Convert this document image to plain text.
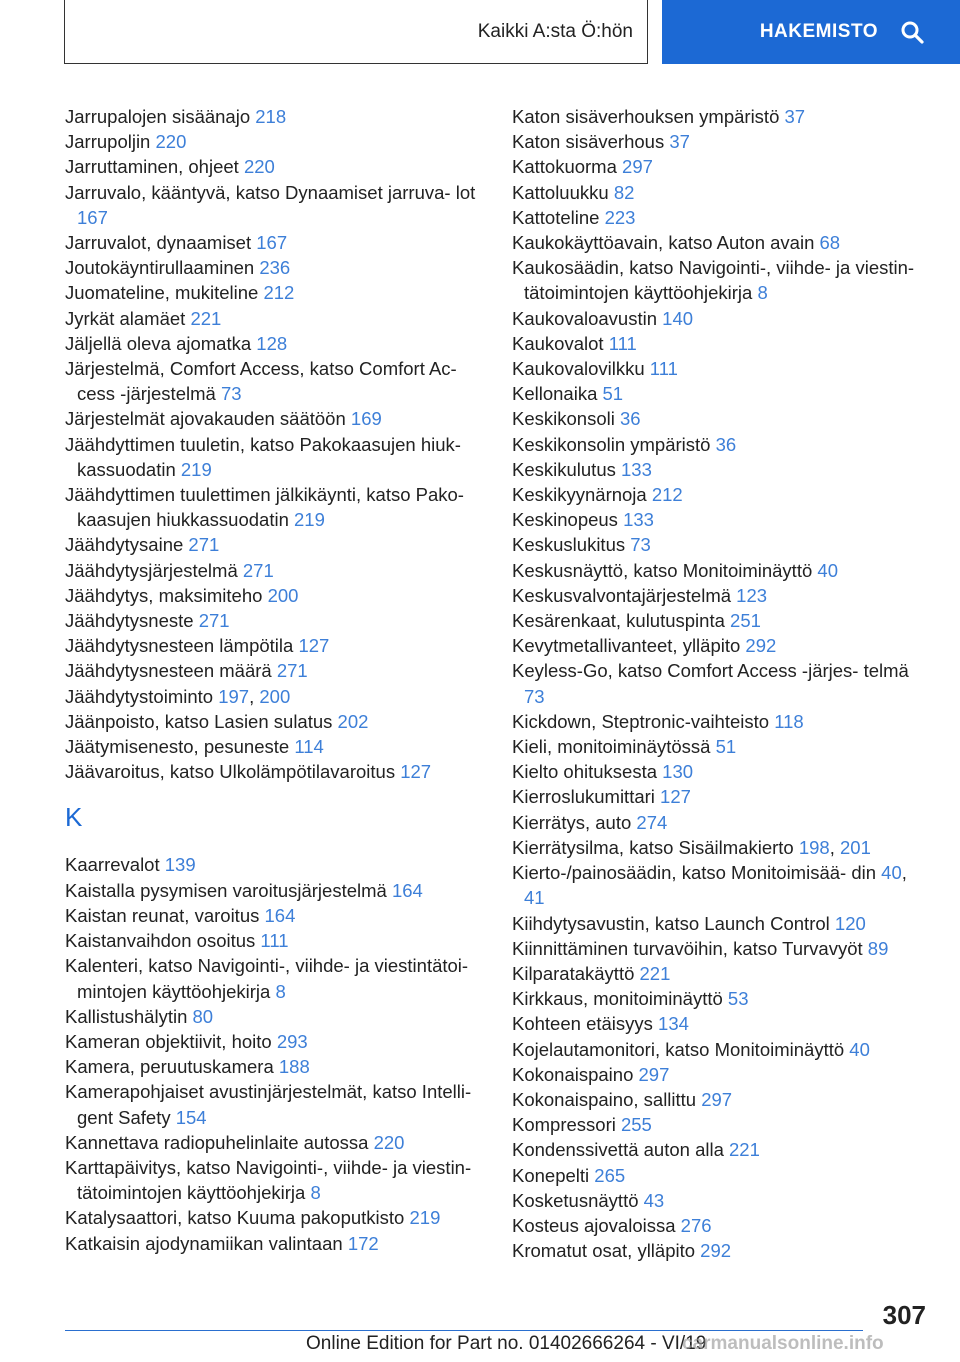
Kaikki A:sta Ö:hön	HAKEMISTO
Jarrupalojen sisäänajo 218
Jarrupoljin 220
Jarruttaminen, ohjeet 220
Jarruvalo, kääntyvä, katso Dynaamiset jarruva‐ lot 167
Jarruvalot, dynaamiset 167
Joutokäyntirullaaminen 236
Juomateline, mukiteline 212
Jyrkät alamäet 221
Jäljellä oleva ajomatka 128
Järjestelmä, Comfort Access, katso Comfort Ac‐ cess -järjestelmä 73
Järjestelmät ajovakauden säätöön 169
Jäähdyttimen tuuletin, katso Pakokaasujen hiuk‐ kassuodatin 219
Jäähdyttimen tuulettimen jälkikäynti, katso Pako‐ kaasujen hiukkassuodatin 219
Jäähdytysaine 271
Jäähdytysjärjestelmä 271
Jäähdytys, maksimiteho 200
Jäähdytysneste 271
Jäähdytysnesteen lämpötila 127
Jäähdytysnesteen määrä 271
Jäähdytystoiminto 197, 200
Jäänpoisto, katso Lasien sulatus 202
Jäätymisenesto, pesuneste 114
Jäävaroitus, katso Ulkolämpötilavaroitus 127
K
Kaarrevalot 139
Kaistalla pysymisen varoitusjärjestelmä 164
Kaistan reunat, varoitus 164
Kaistanvaihdon osoitus 111
Kalenteri, katso Navigointi-, viihde- ja viestintätoi‐ mintojen käyttöohjekirja 8
Kallistushälytin 80
Kameran objektiivit, hoito 293
Kamera, peruutuskamera 188
Kamerapohjaiset avustinjärjestelmät, katso Intelli‐ gent Safety 154
Kannettava radiopuhelinlaite autossa 220
Karttapäivitys, katso Navigointi-, viihde- ja viestin‐ tätoimintojen käyttöohjekirja 8
Katalysaattori, katso Kuuma pakoputkisto 219
Katkaisin ajodynamiikan valintaan 172
Katon sisäverhouksen ympäristö 37
Katon sisäverhous 37
Kattokuorma 297
Kattoluukku 82
Kattoteline 223
Kaukokäyttöavain, katso Auton avain 68
Kaukosäädin, katso Navigointi-, viihde- ja viestin‐ tätoimintojen käyttöohjekirja 8
Kaukovaloavustin 140
Kaukovalot 111
Kaukovalovilkku 111
Kellonaika 51
Keskikonsoli 36
Keskikonsolin ympäristö 36
Keskikulutus 133
Keskikyynärnoja 212
Keskinopeus 133
Keskuslukitus 73
Keskusnäyttö, katso Monitoiminäyttö 40
Keskusvalvontajärjestelmä 123
Kesärenkaat, kulutuspinta 251
Kevytmetallivanteet, ylläpito 292
Keyless-Go, katso Comfort Access -järjes‐ telmä 73
Kickdown, Steptronic-vaihteisto 118
Kieli, monitoiminäytössä 51
Kielto ohituksesta 130
Kierroslukumittari 127
Kierrätys, auto 274
Kierrätysilma, katso Sisäilmakierto 198, 201
Kierto-/painosäädin, katso Monitoimisää‐ din 40, 41
Kiihdytysavustin, katso Launch Control 120
Kiinnittäminen turvavöihin, katso Turvavyöt 89
Kilparatakäyttö 221
Kirkkaus, monitoiminäyttö 53
Kohteen etäisyys 134
Kojelautamonitori, katso Monitoiminäyttö 40
Kokonaispaino 297
Kokonaispaino, sallittu 297
Kompressori 255
Kondenssivettä auton alla 221
Konepelti 265
Kosketusnäyttö 43
Kosteus ajovaloissa 276
Kromatut osat, ylläpito 292
307
Online Edition for Part no. 01402666264 - VI/19
carmanualsonline.info
